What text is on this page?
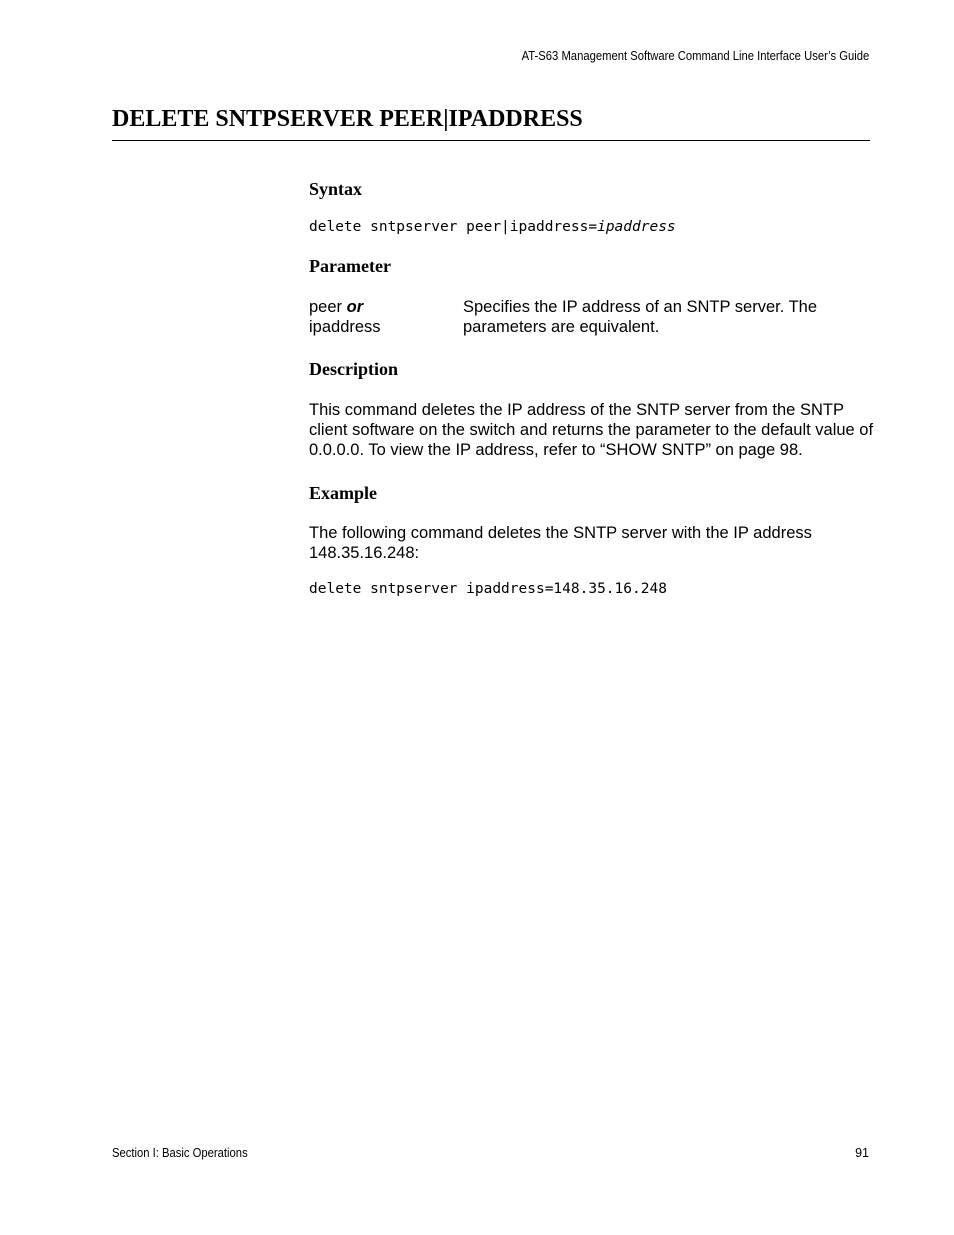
AT-S63 Management Software Command Line Interface User’s Guide
DELETE SNTPSERVER PEER|IPADDRESS
Syntax
delete sntpserver peer|ipaddress=ipaddress
Parameter
peer or
ipaddress
Specifies the IP address of an SNTP server. The parameters are equivalent.
Description
This command deletes the IP address of the SNTP server from the SNTP client software on the switch and returns the parameter to the default value of 0.0.0.0. To view the IP address, refer to “SHOW SNTP” on page 98.
Example
The following command deletes the SNTP server with the IP address 148.35.16.248:
delete sntpserver ipaddress=148.35.16.248
Section I: Basic Operations	91
